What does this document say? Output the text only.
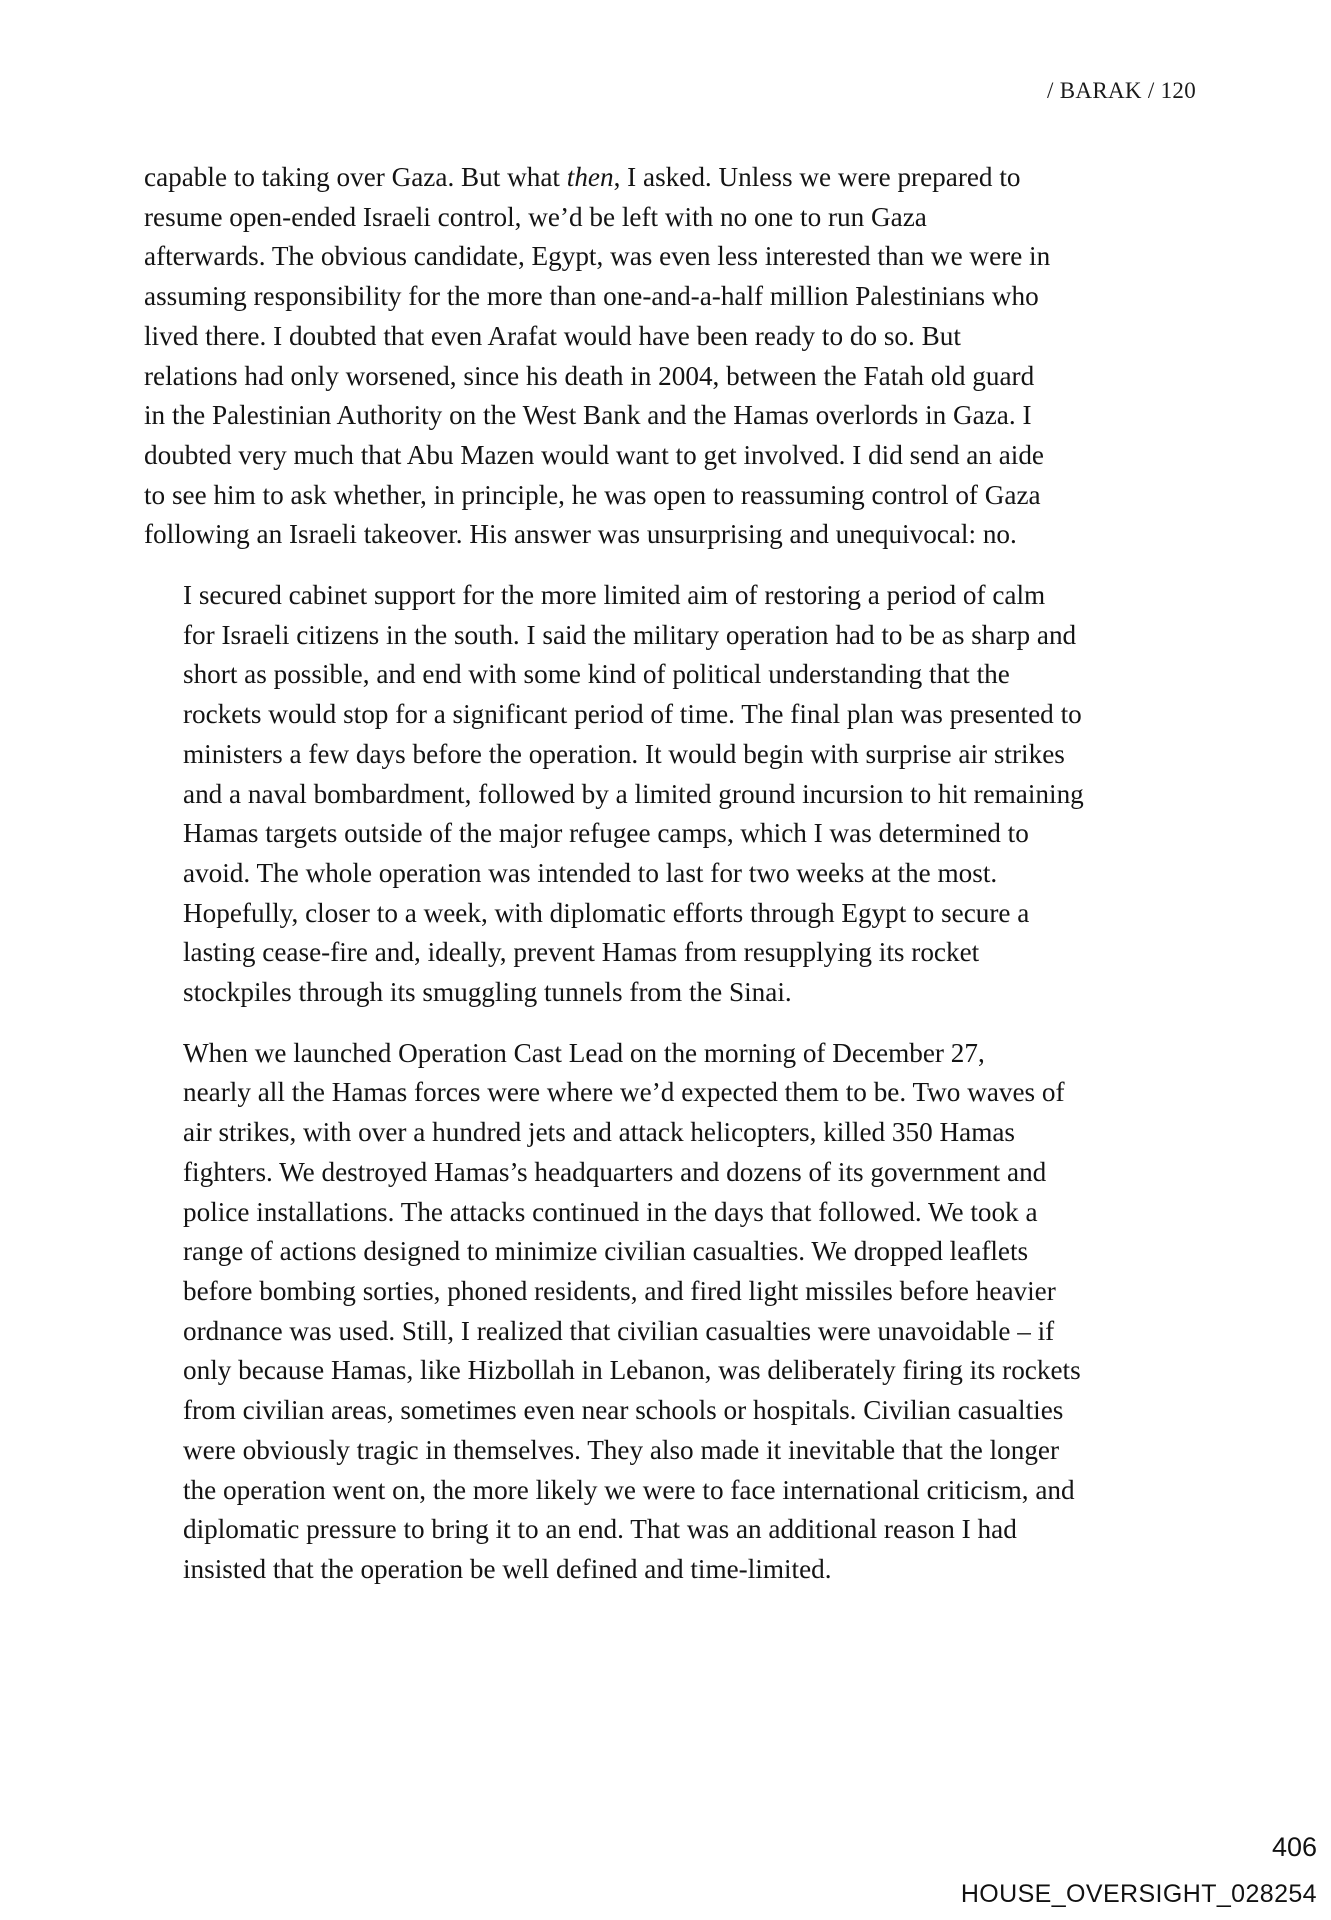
/ BARAK / 120

capable to taking over Gaza. But what then, I asked. Unless we were prepared to
resume open-ended Israeli control, we’d be left with no one to run Gaza
afterwards. The obvious candidate, Egypt, was even less interested than we were in
assuming responsibility for the more than one-and-a-half million Palestinians who
lived there. I doubted that even Arafat would have been ready to do so. But
relations had only worsened, since his death in 2004, between the Fatah old guard
in the Palestinian Authority on the West Bank and the Hamas overlords in Gaza. I
doubted very much that Abu Mazen would want to get involved. I did send an aide
to see him to ask whether, in principle, he was open to reassuming control of Gaza
following an Israeli takeover. His answer was unsurprising and unequivocal: no.

I secured cabinet support for the more limited aim of restoring a period of calm
for Israeli citizens in the south. I said the military operation had to be as sharp and
short as possible, and end with some kind of political understanding that the
rockets would stop for a significant period of time. The final plan was presented to
ministers a few days before the operation. It would begin with surprise air strikes
and a naval bombardment, followed by a limited ground incursion to hit remaining
Hamas targets outside of the major refugee camps, which I was determined to
avoid. The whole operation was intended to last for two weeks at the most.
Hopefully, closer to a week, with diplomatic efforts through Egypt to secure a
lasting cease-fire and, ideally, prevent Hamas from resupplying its rocket
stockpiles through its smuggling tunnels from the Sinai.

When we launched Operation Cast Lead on the morning of December 27,
nearly all the Hamas forces were where we’d expected them to be. Two waves of
air strikes, with over a hundred jets and attack helicopters, killed 350 Hamas
fighters. We destroyed Hamas’s headquarters and dozens of its government and
police installations. The attacks continued in the days that followed. We took a
range of actions designed to minimize civilian casualties. We dropped leaflets
before bombing sorties, phoned residents, and fired light missiles before heavier
ordnance was used. Still, I realized that civilian casualties were unavoidable – if
only because Hamas, like Hizbollah in Lebanon, was deliberately firing its rockets
from civilian areas, sometimes even near schools or hospitals. Civilian casualties
were obviously tragic in themselves. They also made it inevitable that the longer
the operation went on, the more likely we were to face international criticism, and
diplomatic pressure to bring it to an end. That was an additional reason I had
insisted that the operation be well defined and time-limited.

406
HOUSE_OVERSIGHT_028254
